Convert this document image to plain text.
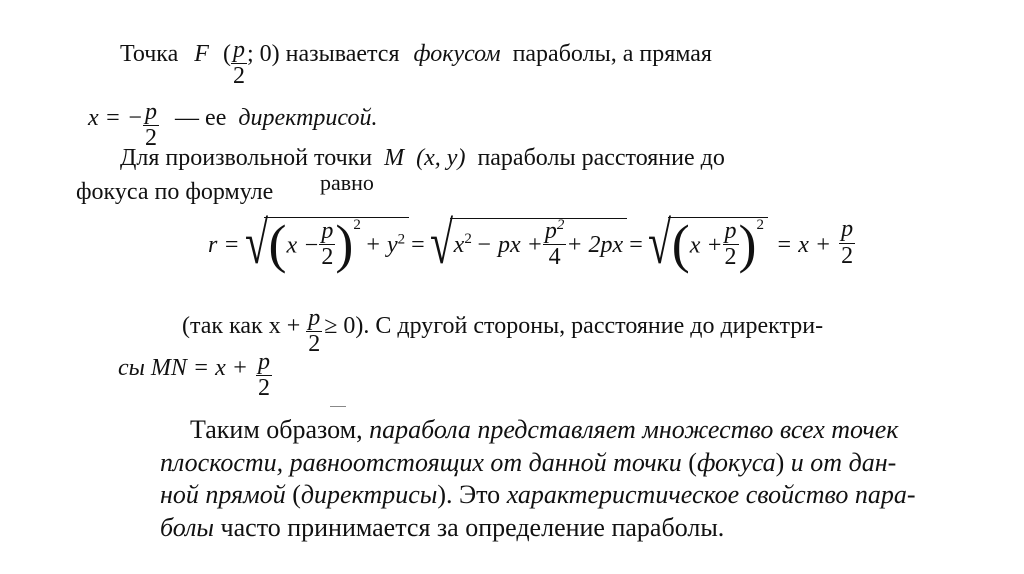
Точка F ( $\frac{p}{2}$ ; 0) называется фокусом параболы, а прямая
x = − $\frac{p}{2}$ — ее директрисой.
Для произвольной точки M (x, y) параболы расстояние до
фокуса по формуле равно
r = √ $(x - \frac{p}{2} )^2+ y^2$ = √ $x^2$ − px + $\frac{p^2}{4} + 2px$ = √ $(x + \frac{p}{2} )^2$
= $x + \frac{p}{2}$
(так как $x + \frac{p}{2} \ge 0$). С другой стороны, расстояние до директри-
сы MN = $x + \frac{p}{2}$
Таким образом, парабола представляет множество всех точек
плоскости, равноотстоящих от данной точки (фокуса) и от дан-
ной прямой (директрисы). Это характеристическое свойство пара-
болы часто принимается за определение параболы.
